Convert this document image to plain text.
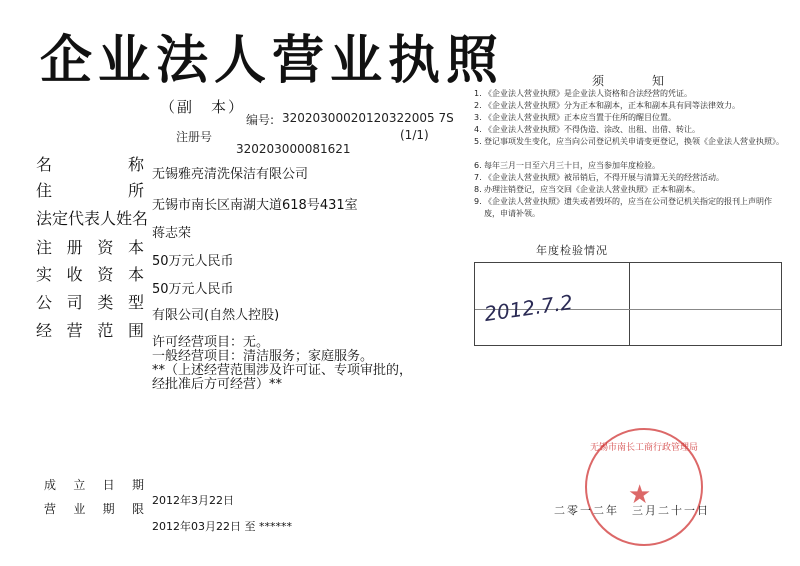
企业法人营业执照
（副　本）
编号: 32020300020120322005 7S
注册号	(1/1)
320203000081621
名　　　称
无锡雅亮清洗保洁有限公司
住　　　所
无锡市南长区南湖大道618号431室
法定代表人姓名
蒋志荣
注册资本
50万元人民币
实收资本
50万元人民币
公司类型
有限公司(自然人控股)
经营范围
许可经营项目：无。
一般经营项目：清洁服务；家庭服务。
**（上述经营范围涉及许可证、专项审批的，
经批准后方可经营）**
成立日期
2012年3月22日
营业期限
2012年03月22日 至 ******
须　知
1. 《企业法人营业执照》是企业法人资格和合法经营的凭证。
2. 《企业法人营业执照》分为正本和副本，正本和副本具有同等法律效力。
3. 《企业法人营业执照》正本应当置于住所的醒目位置。
4. 《企业法人营业执照》不得伪造、涂改、出租、出借、转让。
5. 登记事项发生变化，应当向公司登记机关申请变更登记，换领《企业法人营业执照》。
6. 每年三月一日至六月三十日，应当参加年度检验。
7. 《企业法人营业执照》被吊销后，不得开展与清算无关的经营活动。
8. 办理注销登记，应当交回《企业法人营业执照》正本和副本。
9. 《企业法人营业执照》遗失或者毁坏的，应当在公司登记机关指定的报刊上声明作废，申请补领。
年度检验情况
2012.7.2
★
无锡市南长工商行政管理局
二零一二年　三月二十一日
